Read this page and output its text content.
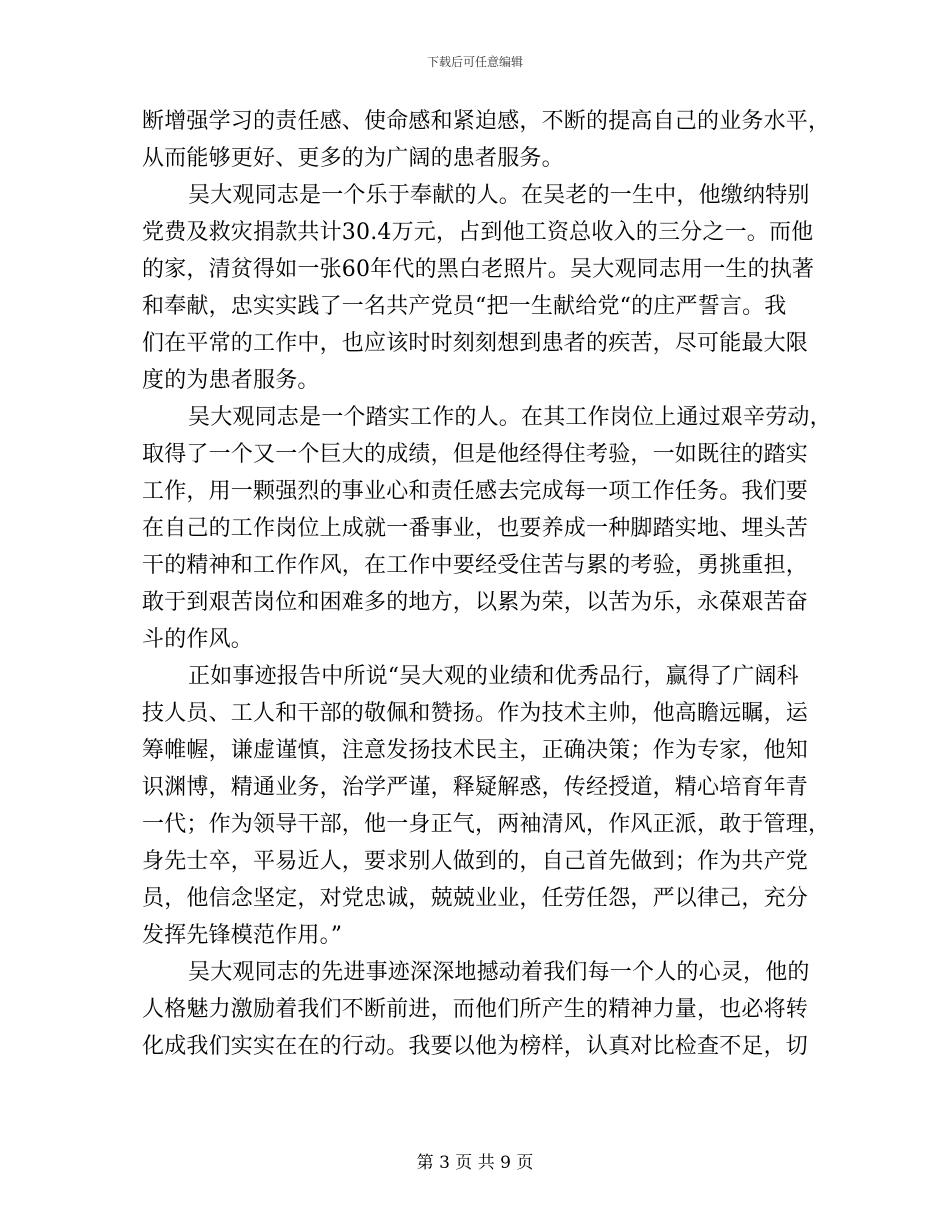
下载后可任意编辑
断增强学习的责任感、使命感和紧迫感，不断的提高自己的业务水平，
从而能够更好、更多的为广阔的患者服务。
吴大观同志是一个乐于奉献的人。在吴老的一生中，他缴纳特别
党费及救灾捐款共计30.4万元，占到他工资总收入的三分之一。而他
的家，清贫得如一张60年代的黑白老照片。吴大观同志用一生的执著
和奉献，忠实实践了一名共产党员“把一生献给党“的庄严誓言。我
们在平常的工作中，也应该时时刻刻想到患者的疾苦，尽可能最大限
度的为患者服务。
吴大观同志是一个踏实工作的人。在其工作岗位上通过艰辛劳动，
取得了一个又一个巨大的成绩，但是他经得住考验，一如既往的踏实
工作，用一颗强烈的事业心和责任感去完成每一项工作任务。我们要
在自己的工作岗位上成就一番事业，也要养成一种脚踏实地、埋头苦
干的精神和工作作风，在工作中要经受住苦与累的考验，勇挑重担，
敢于到艰苦岗位和困难多的地方，以累为荣，以苦为乐，永葆艰苦奋
斗的作风。
正如事迹报告中所说“吴大观的业绩和优秀品行，赢得了广阔科
技人员、工人和干部的敬佩和赞扬。作为技术主帅，他高瞻远瞩，运
筹帷幄，谦虚谨慎，注意发扬技术民主，正确决策；作为专家，他知
识渊博，精通业务，治学严谨，释疑解惑，传经授道，精心培育年青
一代；作为领导干部，他一身正气，两袖清风，作风正派，敢于管理，
身先士卒，平易近人，要求别人做到的，自己首先做到；作为共产党
员，他信念坚定，对党忠诚，兢兢业业，任劳任怨，严以律己，充分
发挥先锋模范作用。”
吴大观同志的先进事迹深深地撼动着我们每一个人的心灵，他的
人格魅力激励着我们不断前进，而他们所产生的精神力量，也必将转
化成我们实实在在的行动。我要以他为榜样，认真对比检查不足，切
第 3 页 共 9 页
